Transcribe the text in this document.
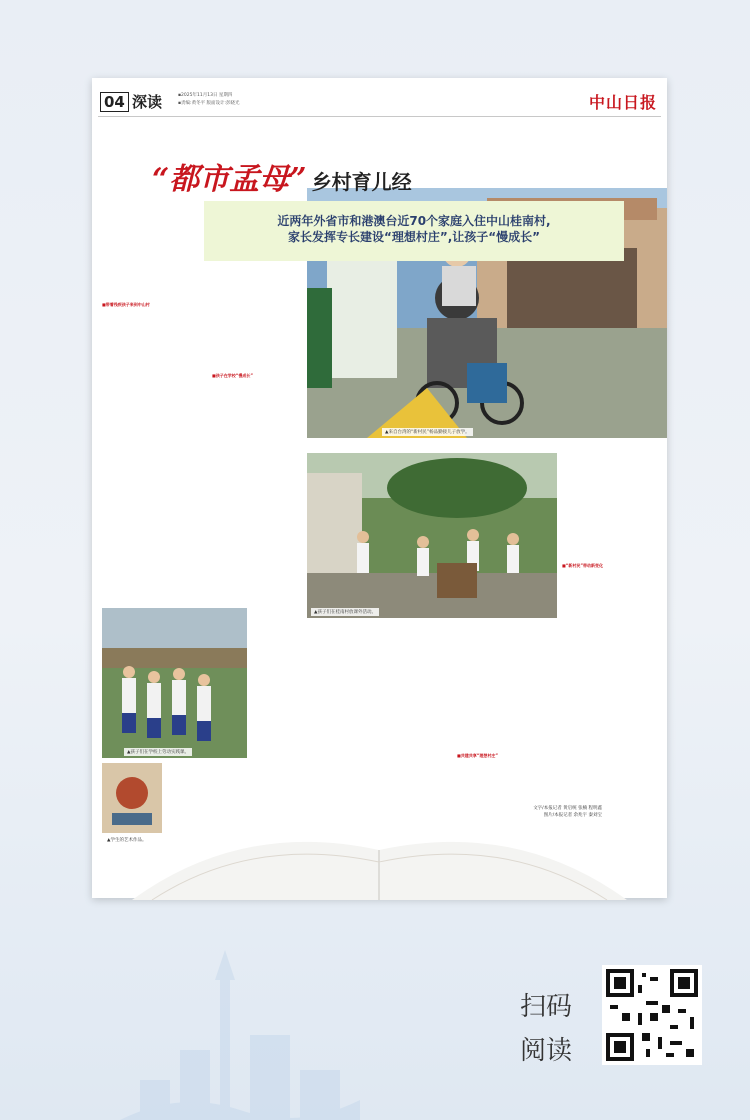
04 深读	▪2025年11月13日 星期四
▪责编:黄冬平 版面设计:彭晓光	中山日报
▲来自台湾的“新村民”杨品勤接儿子放学。
“都市孟母” 乡村育儿经
近两年外省市和港澳台近70个家庭入住中山桂南村,
家长发挥专长建设“理想村庄”,让孩子“慢成长”
■带着残疾孩子来到中山村
■孩子在学校“慢成长”
▲孩子们在学校上劳动实践课。
▲孩子们在桂南村放课外活动。
■“新村民”带动新变化
■共建共享“理想村庄”
文字/本报记者 黄启统 张楠 程明鑫
图片/本报记者 余兆宇 秦刘宝
▲学生的艺术作品。
扫码
阅读
